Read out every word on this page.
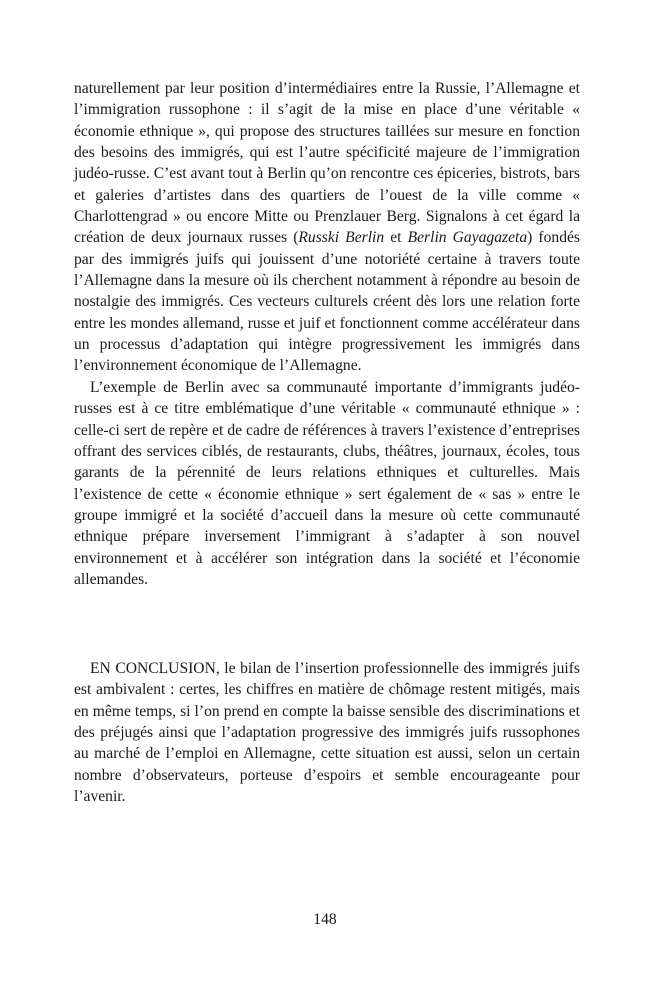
naturellement par leur position d’intermédiaires entre la Russie, l’Allemagne et l’immigration russophone : il s’agit de la mise en place d’une véritable « économie ethnique », qui propose des structures taillées sur mesure en fonction des besoins des immigrés, qui est l’autre spécificité majeure de l’immigration judéo-russe. C’est avant tout à Berlin qu’on rencontre ces épiceries, bistrots, bars et galeries d’artistes dans des quartiers de l’ouest de la ville comme « Charlottengrad » ou encore Mitte ou Prenzlauer Berg. Signalons à cet égard la création de deux journaux russes (Russki Berlin et Berlin Gayagazeta) fondés par des immigrés juifs qui jouissent d’une notoriété certaine à travers toute l’Allemagne dans la mesure où ils cherchent notamment à répondre au besoin de nostalgie des immigrés. Ces vecteurs culturels créent dès lors une relation forte entre les mondes allemand, russe et juif et fonctionnent comme accélérateur dans un processus d’adaptation qui intègre progressivement les immigrés dans l’environnement économique de l’Allemagne.

L’exemple de Berlin avec sa communauté importante d’immigrants judéo-russes est à ce titre emblématique d’une véritable « communauté ethnique » : celle-ci sert de repère et de cadre de références à travers l’existence d’entreprises offrant des services ciblés, de restaurants, clubs, théâtres, journaux, écoles, tous garants de la pérennité de leurs relations ethniques et culturelles. Mais l’existence de cette « économie ethnique » sert également de « sas » entre le groupe immigré et la société d’accueil dans la mesure où cette communauté ethnique prépare inversement l’immigrant à s’adapter à son nouvel environnement et à accélérer son intégration dans la société et l’économie allemandes.

EN CONCLUSION, le bilan de l’insertion professionnelle des immigrés juifs est ambivalent : certes, les chiffres en matière de chômage restent mitigés, mais en même temps, si l’on prend en compte la baisse sensible des discriminations et des préjugés ainsi que l’adaptation progressive des immigrés juifs russophones au marché de l’emploi en Allemagne, cette situation est aussi, selon un certain nombre d’observateurs, porteuse d’espoirs et semble encourageante pour l’avenir.

148
